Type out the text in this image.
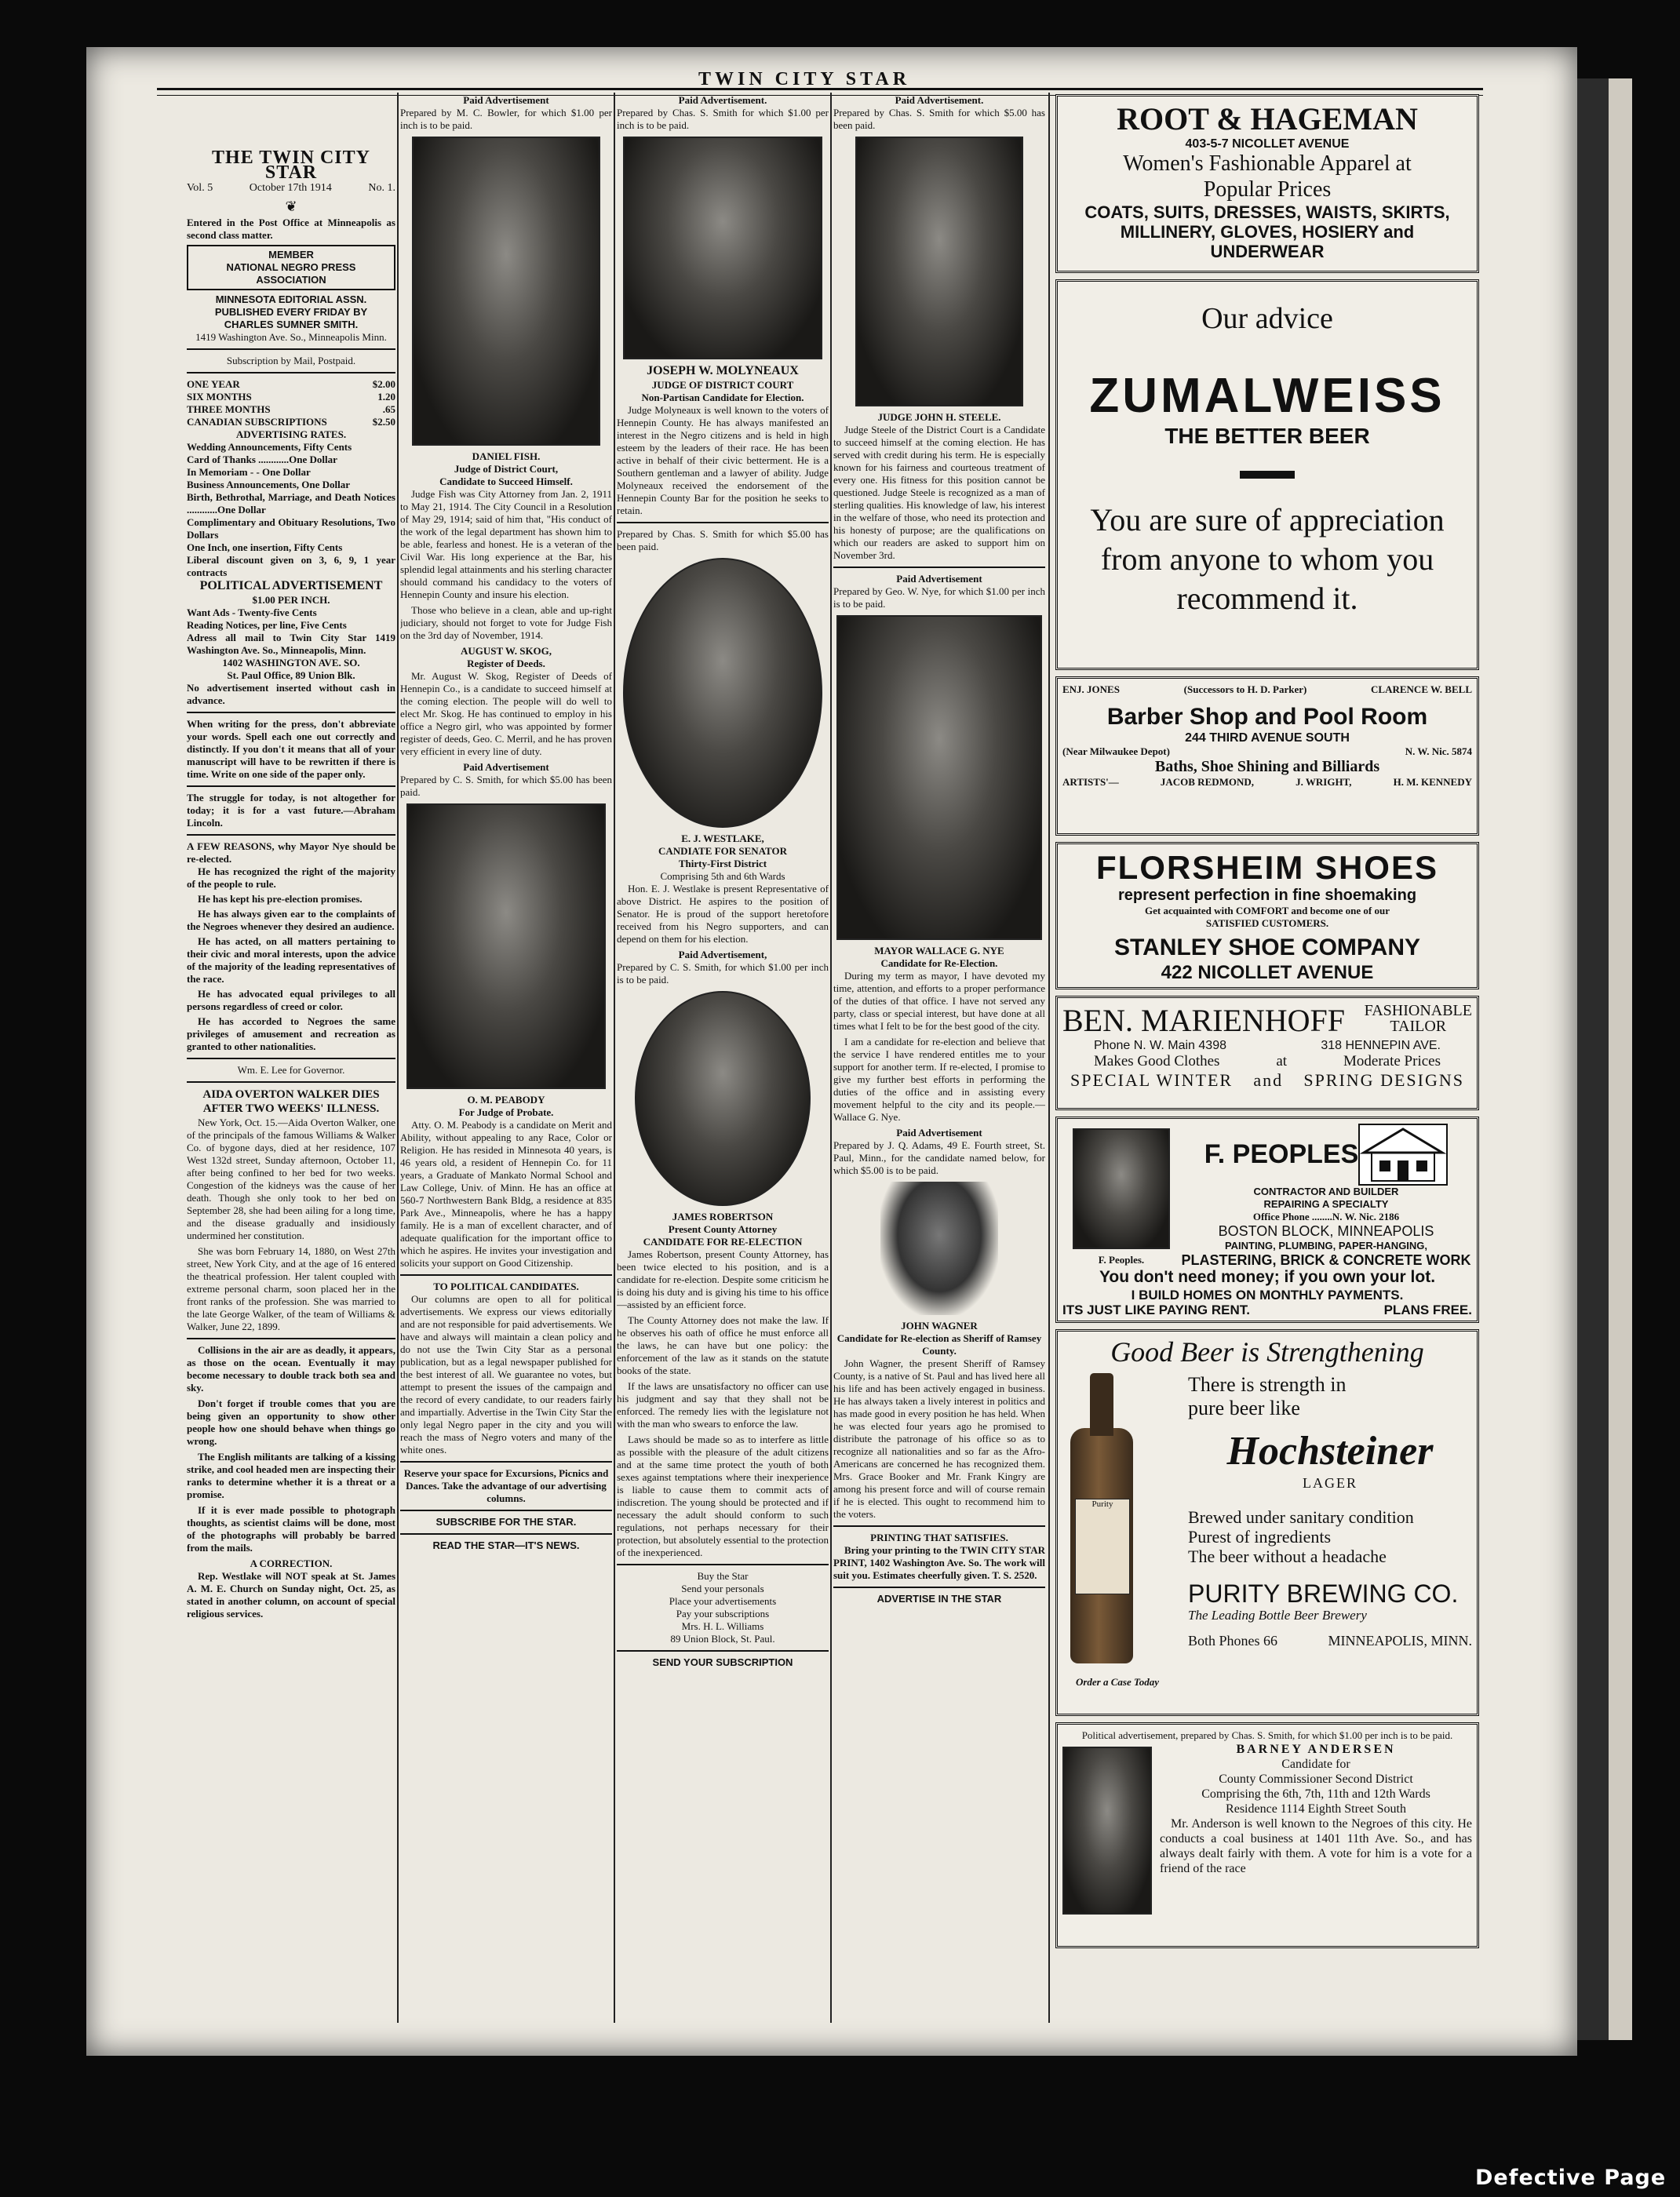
TWIN CITY STAR
THE TWIN CITY STAR
Vol. 5	October 17th 1914	No. 1.
❦

Entered in the Post Office at Minneapolis as second class matter.

MEMBER
NATIONAL NEGRO PRESS ASSOCIATION
MINNESOTA EDITORIAL ASSN.
PUBLISHED EVERY FRIDAY BY
CHARLES SUMNER SMITH.
1419 Washington Ave. So., Minneapolis Minn.
Subscription by Mail, Postpaid.
ONE YEAR	$2.00
SIX MONTHS	1.20
THREE MONTHS	.65
CANADIAN SUBSCRIPTIONS	$2.50
ADVERTISING RATES.
Wedding Announcements, Fifty Cents
Card of Thanks ............One Dollar
In Memoriam - - One Dollar
Business Announcements, One Dollar
Birth, Bethrothal, Marriage, and Death Notices ............One Dollar
Complimentary and Obituary Resolutions, Two Dollars
One Inch, one insertion, Fifty Cents
Liberal discount given on 3, 6, 9, 1 year contracts
POLITICAL ADVERTISEMENT
$1.00 PER INCH.
Want Ads - Twenty-five Cents
Reading Notices, per line, Five Cents
Adress all mail to Twin City Star 1419 Washington Ave. So., Minneapolis, Minn.
1402 WASHINGTON AVE. SO.
St. Paul Office, 89 Union Blk.
No advertisement inserted without cash in advance.
When writing for the press, don't abbreviate your words. Spell each one out correctly and distinctly. If you don't it means that all of your manuscript will have to be rewritten if there is time. Write on one side of the paper only.
The struggle for today, is not altogether for today; it is for a vast future.—Abraham Lincoln.
A FEW REASONS, why Mayor Nye should be re-elected.
He has recognized the right of the majority of the people to rule.
He has kept his pre-election promises.
He has always given ear to the complaints of the Negroes whenever they desired an audience.
He has acted, on all matters pertaining to their civic and moral interests, upon the advice of the majority of the leading representatives of the race.
He has advocated equal privileges to all persons regardless of creed or color.
He has accorded to Negroes the same privileges of amusement and recreation as granted to other nationalities.
Wm. E. Lee for Governor.
AIDA OVERTON WALKER DIES AFTER TWO WEEKS' ILLNESS.

New York, Oct. 15.—Aida Overton Walker, one of the principals of the famous Williams & Walker Co. of bygone days, died at her residence, 107 West 132d street, Sunday afternoon, October 11, after being confined to her bed for two weeks. Congestion of the kidneys was the cause of her death. Though she only took to her bed on September 28, she had been ailing for a long time, and the disease gradually and insidiously undermined her constitution.

She was born February 14, 1880, on West 27th street, New York City, and at the age of 16 entered the theatrical profession. Her talent coupled with extreme personal charm, soon placed her in the front ranks of the profession. She was married to the late George Walker, of the team of Williams & Walker, June 22, 1899.

Collisions in the air are as deadly, it appears, as those on the ocean. Eventually it may become necessary to double track both sea and sky.

Don't forget if trouble comes that you are being given an opportunity to show other people how one should behave when things go wrong.

The English militants are talking of a kissing strike, and cool headed men are inspecting their ranks to determine whether it is a threat or a promise.

If it is ever made possible to photograph thoughts, as scientist claims will be done, most of the photographs will probably be barred from the mails.

A CORRECTION.

Rep. Westlake will NOT speak at St. James A. M. E. Church on Sunday night, Oct. 25, as stated in another column, on account of special religious services.

Paid Advertisement
Prepared by M. C. Bowler, for which $1.00 per inch is to be paid.
DANIEL FISH.
Judge of District Court,
Candidate to Succeed Himself.

Judge Fish was City Attorney from Jan. 2, 1911 to May 21, 1914. The City Council in a Resolution of May 29, 1914; said of him that, "His conduct of the work of the legal department has shown him to be able, fearless and honest. He is a veteran of the Civil War. His long experience at the Bar, his splendid legal attainments and his sterling character should command his candidacy to the voters of Hennepin County and insure his election.

Those who believe in a clean, able and up-right judiciary, should not forget to vote for Judge Fish on the 3rd day of November, 1914.

AUGUST W. SKOG,
Register of Deeds.

Mr. August W. Skog, Register of Deeds of Hennepin Co., is a candidate to succeed himself at the coming election. The people will do well to elect Mr. Skog. He has continued to employ in his office a Negro girl, who was appointed by former register of deeds, Geo. C. Merril, and he has proven very efficient in every line of duty.

Paid Advertisement
Prepared by C. S. Smith, for which $5.00 has been paid.
O. M. PEABODY
For Judge of Probate.

Atty. O. M. Peabody is a candidate on Merit and Ability, without appealing to any Race, Color or Religion. He has resided in Minnesota 40 years, is 46 years old, a resident of Hennepin Co. for 11 years, a Graduate of Mankato Normal School and Law College, Univ. of Minn. He has an office at 560-7 Northwestern Bank Bldg, a residence at 835 Park Ave., Minneapolis, where he has a happy family. He is a man of excellent character, and of adequate qualification for the important office to which he aspires. He invites your investigation and solicits your support on Good Citizenship.

TO POLITICAL CANDIDATES.

Our columns are open to all for political advertisements. We express our views editorially and are not responsible for paid advertisements. We have and always will maintain a clean policy and do not use the Twin City Star as a personal publication, but as a legal newspaper published for the best interest of all. We guarantee no votes, but attempt to present the issues of the campaign and the record of every candidate, to our readers fairly and impartially. Advertise in the Twin City Star the only legal Negro paper in the city and you will reach the mass of Negro voters and many of the white ones.

Reserve your space for Excursions, Picnics and Dances. Take the advantage of our advertising columns.
SUBSCRIBE FOR THE STAR.
READ THE STAR—IT'S NEWS.
Paid Advertisement.
Prepared by Chas. S. Smith for which $1.00 per inch is to be paid.
JOSEPH W. MOLYNEAUX
JUDGE OF DISTRICT COURT
Non-Partisan Candidate for Election.

Judge Molyneaux is well known to the voters of Hennepin County. He has always manifested an interest in the Negro citizens and is held in high esteem by the leaders of their race. He has been active in behalf of their civic betterment. He is a Southern gentleman and a lawyer of ability. Judge Molyneaux received the endorsement of the Hennepin County Bar for the position he seeks to retain.

Prepared by Chas. S. Smith for which $5.00 has been paid.
E. J. WESTLAKE,
CANDIATE FOR SENATOR
Thirty-First District
Comprising 5th and 6th Wards

Hon. E. J. Westlake is present Representative of above District. He aspires to the position of Senator. He is proud of the support heretofore received from his Negro supporters, and can depend on them for his election.

Paid Advertisement,
Prepared by C. S. Smith, for which $1.00 per inch is to be paid.
JAMES ROBERTSON
Present County Attorney
CANDIDATE FOR RE-ELECTION

James Robertson, present County Attorney, has been twice elected to his position, and is a candidate for re-election. Despite some criticism he is doing his duty and is giving his time to his office—assisted by an efficient force.

The County Attorney does not make the law. If he observes his oath of office he must enforce all the laws, he can have but one policy: the enforcement of the law as it stands on the statute books of the state.

If the laws are unsatisfactory no officer can use his judgment and say that they shall not be enforced. The remedy lies with the legislature not with the man who swears to enforce the law.

Laws should be made so as to interfere as little as possible with the pleasure of the adult citizens and at the same time protect the youth of both sexes against temptations where their inexperience is liable to cause them to commit acts of indiscretion. The young should be protected and if necessary the adult should conform to such regulations, not perhaps necessary for their protection, but absolutely essential to the protection of the inexperienced.

Buy the Star
Send your personals
Place your advertisements
Pay your subscriptions
Mrs. H. L. Williams
89 Union Block, St. Paul.
SEND YOUR SUBSCRIPTION
Paid Advertisement.
Prepared by Chas. S. Smith for which $5.00 has been paid.
JUDGE JOHN H. STEELE.

Judge Steele of the District Court is a Candidate to succeed himself at the coming election. He has served with credit during his term. He is especially known for his fairness and courteous treatment of every one. His fitness for this position cannot be questioned. Judge Steele is recognized as a man of sterling qualities. His knowledge of law, his interest in the welfare of those, who need its protection and his honesty of purpose; are the qualifications on which our readers are asked to support him on November 3rd.

Paid Advertisement
Prepared by Geo. W. Nye, for which $1.00 per inch is to be paid.
MAYOR WALLACE G. NYE
Candidate for Re-Election.

During my term as mayor, I have devoted my time, attention, and efforts to a proper performance of the duties of that office. I have not served any party, class or special interest, but have done at all times what I felt to be for the best good of the city.

I am a candidate for re-election and believe that the service I have rendered entitles me to your support for another term. If re-elected, I promise to give my further best efforts in performing the duties of the office and in assisting every movement helpful to the city and its people.—Wallace G. Nye.

Paid Advertisement
Prepared by J. Q. Adams, 49 E. Fourth street, St. Paul, Minn., for the candidate named below, for which $5.00 is to be paid.
JOHN WAGNER
Candidate for Re-election as Sheriff of Ramsey County.

John Wagner, the present Sheriff of Ramsey County, is a native of St. Paul and has lived here all his life and has been actively engaged in business. He has always taken a lively interest in politics and has made good in every position he has held. When he was elected four years ago he promised to distribute the patronage of his office so as to recognize all nationalities and so far as the Afro-Americans are concerned he has recognized them. Mrs. Grace Booker and Mr. Frank Kingry are among his present force and will of course remain if he is elected. This ought to recommend him to the voters.

PRINTING THAT SATISFIES.

Bring your printing to the TWIN CITY STAR PRINT, 1402 Washington Ave. So. The work will suit you. Estimates cheerfully given. T. S. 2520.

ADVERTISE IN THE STAR
ROOT & HAGEMAN
403-5-7 NICOLLET AVENUE
Women's Fashionable Apparel at
Popular Prices
COATS, SUITS, DRESSES, WAISTS, SKIRTS,
MILLINERY, GLOVES, HOSIERY and
UNDERWEAR
Our advice
ZUMALWEISS
THE BETTER BEER
You are sure of appreciation from anyone to whom you recommend it.
ENJ. JONES	(Successors to H. D. Parker)	CLARENCE W. BELL
Barber Shop and Pool Room
244 THIRD AVENUE SOUTH
(Near Milwaukee Depot)	N. W. Nic. 5874
Baths, Shoe Shining and Billiards
ARTISTS'—	JACOB REDMOND,	J. WRIGHT,	H. M. KENNEDY
FLORSHEIM SHOES
represent perfection in fine shoemaking
Get acquainted with COMFORT and become one of our
SATISFIED CUSTOMERS.
STANLEY SHOE COMPANY
422 NICOLLET AVENUE
BEN. MARIENHOFF FASHIONABLE
TAILOR
Phone N. W. Main 4398	318 HENNEPIN AVE.
Makes Good Clothes	at	Moderate Prices
SPECIAL WINTER and SPRING DESIGNS
F. Peoples.
F. PEOPLES
CONTRACTOR AND BUILDER
REPAIRING A SPECIALTY
Office Phone ........N. W. Nic. 2186
BOSTON BLOCK, MINNEAPOLIS
PAINTING, PLUMBING, PAPER-HANGING,
PLASTERING, BRICK & CONCRETE WORK
You don't need money; if you own your lot.
I BUILD HOMES ON MONTHLY PAYMENTS.
ITS JUST LIKE PAYING RENT.	PLANS FREE.
Good Beer is Strengthening
Purity
Order a Case Today
There is strength in
pure beer like
Hochsteiner
LAGER
Brewed under sanitary condition
Purest of ingredients
The beer without a headache
PURITY BREWING CO.
The Leading Bottle Beer Brewery
Both Phones 66	MINNEAPOLIS, MINN.
Political advertisement, prepared by Chas. S. Smith, for which $1.00 per inch is to be paid.
BARNEY ANDERSEN
Candidate for
County Commissioner Second District
Comprising the 6th, 7th, 11th and 12th Wards
Residence 1114 Eighth Street South
Mr. Anderson is well known to the Negroes of this city. He conducts a coal business at 1401 11th Ave. So., and has always dealt fairly with them. A vote for him is a vote for a friend of the race
Defective Page
